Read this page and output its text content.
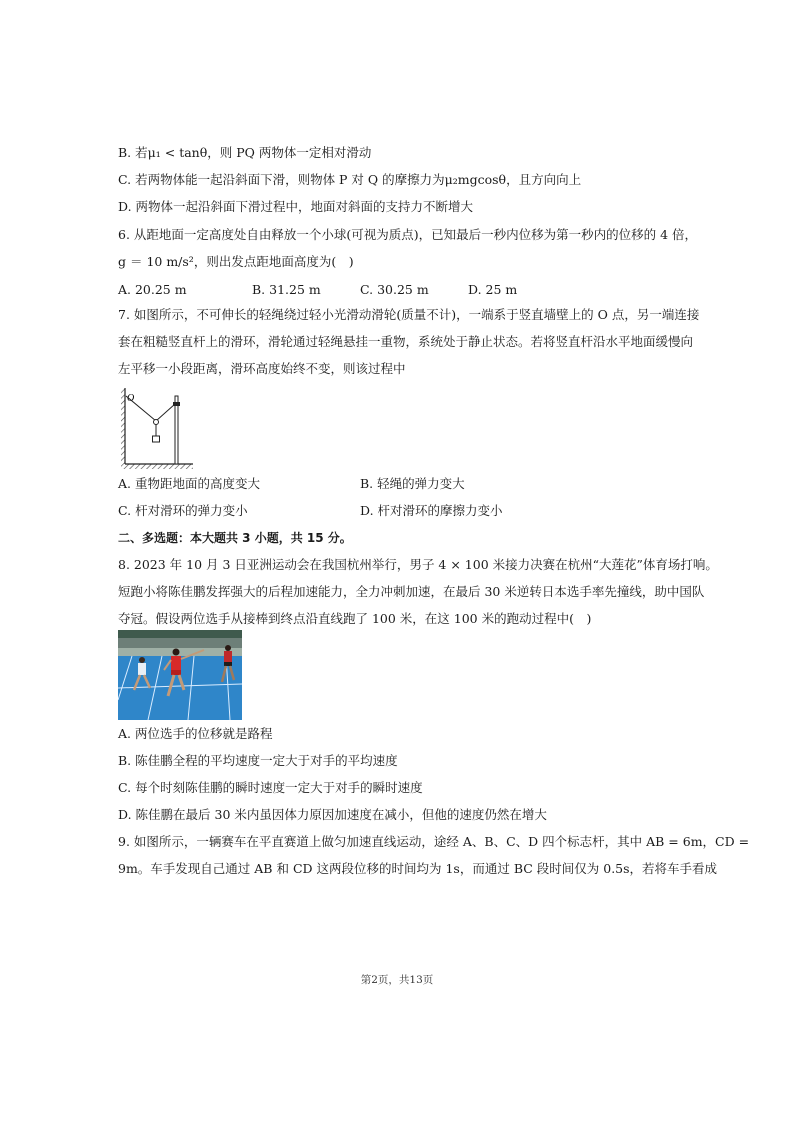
B. 若μ₁ < tanθ，则 PQ 两物体一定相对滑动
C. 若两物体能一起沿斜面下滑，则物体 P 对 Q 的摩擦力为μ₂mgcosθ，且方向向上
D. 两物体一起沿斜面下滑过程中，地面对斜面的支持力不断增大
6. 从距地面一定高度处自由释放一个小球(可视为质点)，已知最后一秒内位移为第一秒内的位移的 4 倍，
g ＝ 10 m/s²，则出发点距地面高度为(　)
A. 20.25 m	B. 31.25 m	C. 30.25 m	D. 25 m
7. 如图所示，不可伸长的轻绳绕过轻小光滑动滑轮(质量不计)，一端系于竖直墙壁上的 O 点，另一端连接
套在粗糙竖直杆上的滑环，滑轮通过轻绳悬挂一重物，系统处于静止状态。若将竖直杆沿水平地面缓慢向
左平移一小段距离，滑环高度始终不变，则该过程中
O
A. 重物距地面的高度变大	B. 轻绳的弹力变大
C. 杆对滑环的弹力变小	D. 杆对滑环的摩擦力变小
二、多选题：本大题共 3 小题，共 15 分。
8. 2023 年 10 月 3 日亚洲运动会在我国杭州举行，男子 4 × 100 米接力决赛在杭州“大莲花”体育场打响。
短跑小将陈佳鹏发挥强大的后程加速能力，全力冲刺加速，在最后 30 米逆转日本选手率先撞线，助中国队
夺冠。假设两位选手从接棒到终点沿直线跑了 100 米，在这 100 米的跑动过程中(　)
A. 两位选手的位移就是路程
B. 陈佳鹏全程的平均速度一定大于对手的平均速度
C. 每个时刻陈佳鹏的瞬时速度一定大于对手的瞬时速度
D. 陈佳鹏在最后 30 米内虽因体力原因加速度在减小，但他的速度仍然在增大
9. 如图所示，一辆赛车在平直赛道上做匀加速直线运动，途经 A、B、C、D 四个标志杆，其中 AB = 6m，CD =
9m。车手发现自己通过 AB 和 CD 这两段位移的时间均为 1s，而通过 BC 段时间仅为 0.5s，若将车手看成
第2页，共13页
